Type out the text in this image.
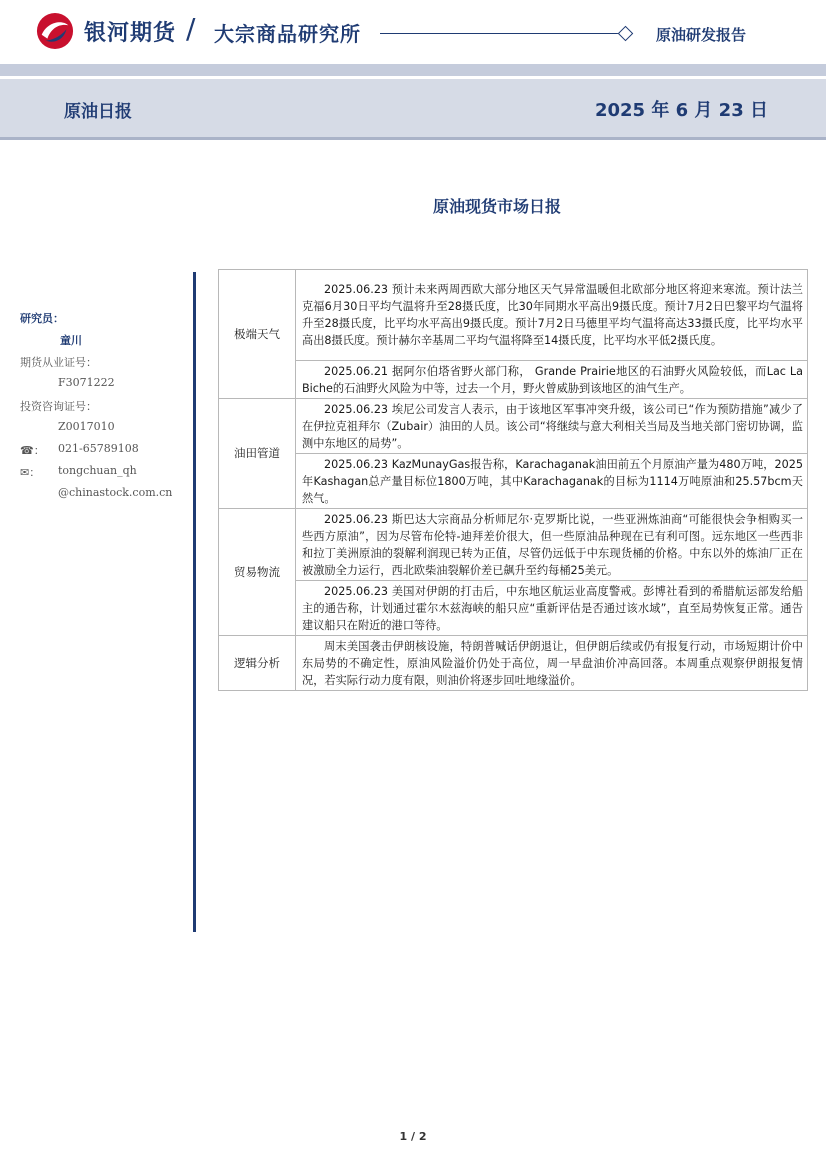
银河期货 / 大宗商品研究所	原油研发报告
原油日报	2025 年 6 月 23 日
原油现货市场日报
研究员：
童川
期货从业证号：
F3071222
投资咨询证号：
Z0017010
☎： 021-65789108
✉： tongchuan_qh
@chinastock.com.cn
极端天气	2025.06.23 预计未来两周西欧大部分地区天气异常温暖但北欧部分地区将迎来寒流。预计法兰克福6月30日平均气温将升至28摄氏度，比30年同期水平高出9摄氏度。预计7月2日巴黎平均气温将升至28摄氏度，比平均水平高出9摄氏度。预计7月2日马德里平均气温将高达33摄氏度，比平均水平高出8摄氏度。预计赫尔辛基周二平均气温将降至14摄氏度，比平均水平低2摄氏度。

	2025.06.21 据阿尔伯塔省野火部门称， Grande Prairie地区的石油野火风险较低，而Lac La Biche的石油野火风险为中等，过去一个月，野火曾威胁到该地区的油气生产。

油田管道	2025.06.23 埃尼公司发言人表示，由于该地区军事冲突升级，该公司已“作为预防措施”减少了在伊拉克祖拜尔（Zubair）油田的人员。该公司“将继续与意大利相关当局及当地关部门密切协调，监测中东地区的局势”。

	2025.06.23 KazMunayGas报告称，Karachaganak油田前五个月原油产量为480万吨，2025年Kashagan总产量目标位1800万吨，其中Karachaganak的目标为1114万吨原油和25.57bcm天然气。

贸易物流	2025.06.23 斯巴达大宗商品分析师尼尔·克罗斯比说，一些亚洲炼油商“可能很快会争相购买一些西方原油”，因为尽管布伦特-迪拜差价很大，但一些原油品种现在已有利可图。远东地区一些西非和拉丁美洲原油的裂解利润现已转为正值，尽管仍远低于中东现货桶的价格。中东以外的炼油厂正在被激励全力运行，西北欧柴油裂解价差已飙升至约每桶25美元。

	2025.06.23 美国对伊朗的打击后，中东地区航运业高度警戒。彭博社看到的希腊航运部发给船主的通告称，计划通过霍尔木兹海峡的船只应“重新评估是否通过该水域”，直至局势恢复正常。通告建议船只在附近的港口等待。

逻辑分析	周末美国袭击伊朗核设施，特朗普喊话伊朗退让，但伊朗后续或仍有报复行动，市场短期计价中东局势的不确定性，原油风险溢价仍处于高位，周一早盘油价冲高回落。本周重点观察伊朗报复情况，若实际行动力度有限，则油价将逐步回吐地缘溢价。

1 / 2
